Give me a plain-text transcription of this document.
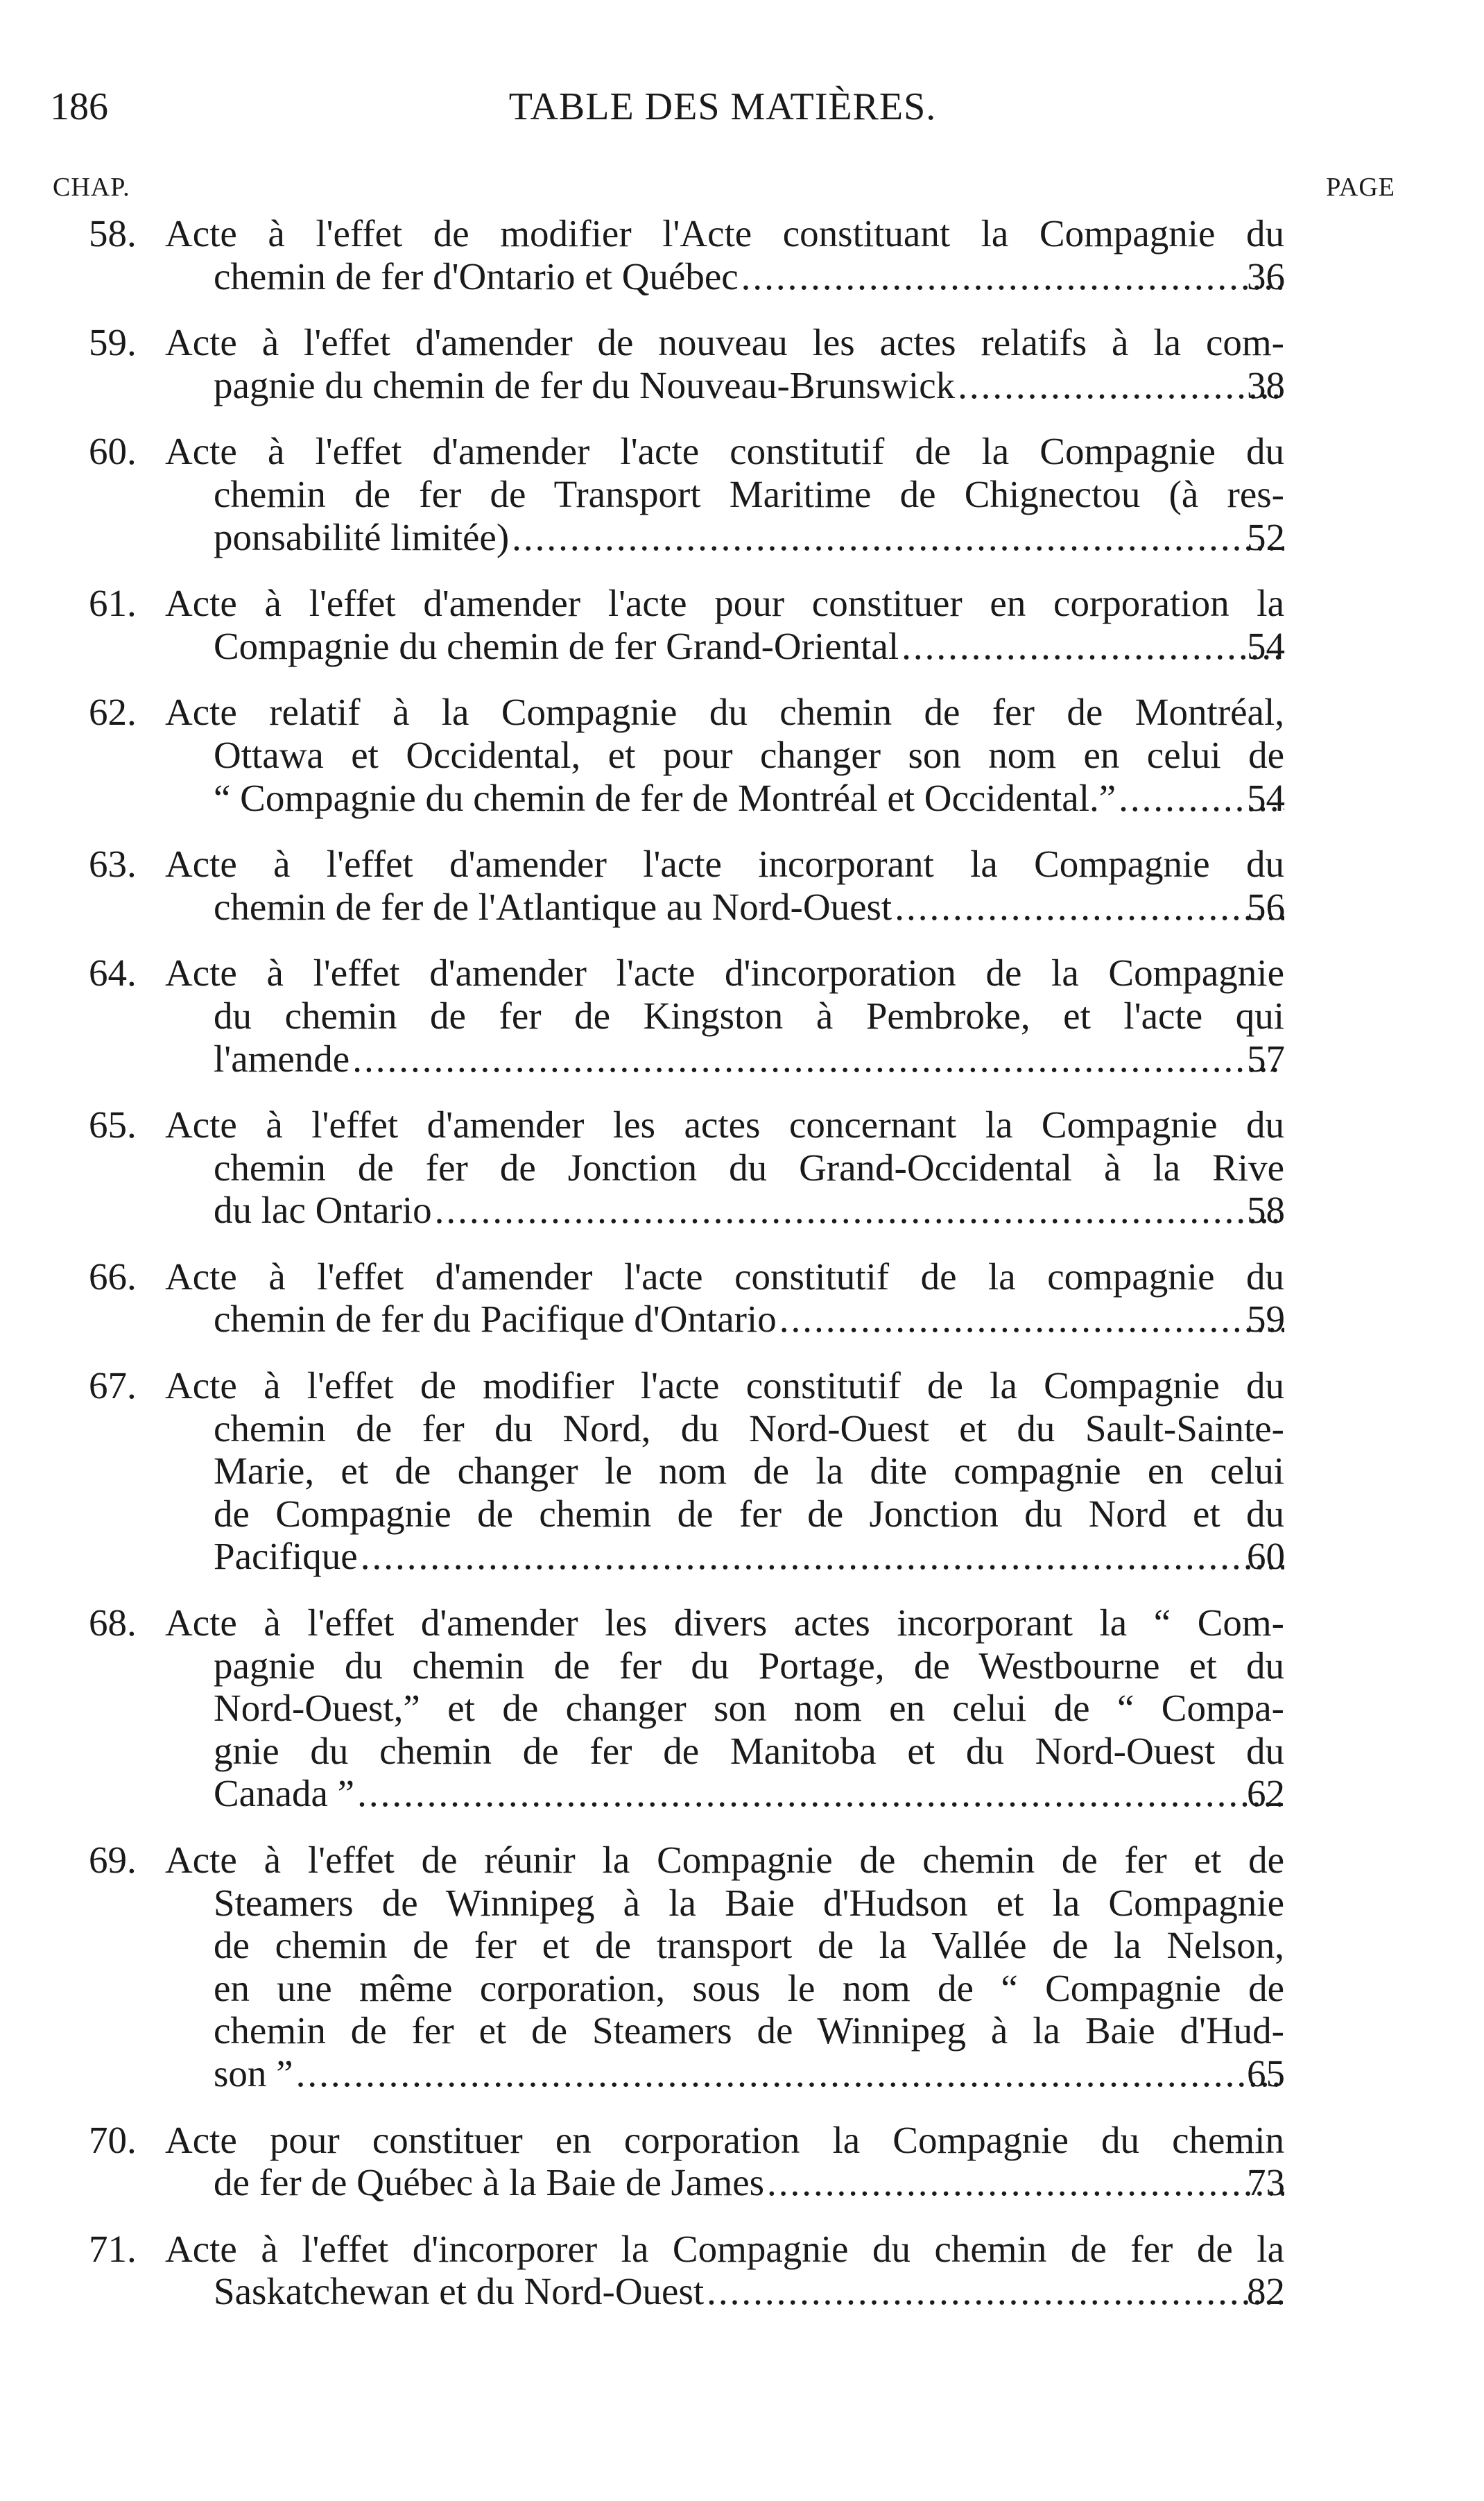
186	TABLE DES MATIÈRES.
CHAP.	PAGE
58. Acte à l'effet de modifier l'Acte constituant la Compagnie du
chemin de fer d'Ontario et Québec .....	36
59. Acte à l'effet d'amender de nouveau les actes relatifs à la com-
pagnie du chemin de fer du Nouveau-Brunswick .....	38
60. Acte à l'effet d'amender l'acte constitutif de la Compagnie du
chemin de fer de Transport Maritime de Chignectou (à res-
ponsabilité limitée) .....	52
61. Acte à l'effet d'amender l'acte pour constituer en corporation la
Compagnie du chemin de fer Grand-Oriental .....	54
62. Acte relatif à la Compagnie du chemin de fer de Montréal,
Ottawa et Occidental, et pour changer son nom en celui de
“ Compagnie du chemin de fer de Montréal et Occidental.” .....	54
63. Acte à l'effet d'amender l'acte incorporant la Compagnie du
chemin de fer de l'Atlantique au Nord-Ouest .....	56
64. Acte à l'effet d'amender l'acte d'incorporation de la Compagnie
du chemin de fer de Kingston à Pembroke, et l'acte qui
l'amende .....	57
65. Acte à l'effet d'amender les actes concernant la Compagnie du
chemin de fer de Jonction du Grand-Occidental à la Rive
du lac Ontario .....	58
66. Acte à l'effet d'amender l'acte constitutif de la compagnie du
chemin de fer du Pacifique d'Ontario .....	59
67. Acte à l'effet de modifier l'acte constitutif de la Compagnie du
chemin de fer du Nord, du Nord-Ouest et du Sault-Sainte-
Marie, et de changer le nom de la dite compagnie en celui
de Compagnie de chemin de fer de Jonction du Nord et du
Pacifique .....	60
68. Acte à l'effet d'amender les divers actes incorporant la “ Com-
pagnie du chemin de fer du Portage, de Westbourne et du
Nord-Ouest,” et de changer son nom en celui de “ Compa-
gnie du chemin de fer de Manitoba et du Nord-Ouest du
Canada ” .....	62
69. Acte à l'effet de réunir la Compagnie de chemin de fer et de
Steamers de Winnipeg à la Baie d'Hudson et la Compagnie
de chemin de fer et de transport de la Vallée de la Nelson,
en une même corporation, sous le nom de “ Compagnie de
chemin de fer et de Steamers de Winnipeg à la Baie d'Hud-
son ” .....	65
70. Acte pour constituer en corporation la Compagnie du chemin
de fer de Québec à la Baie de James .....	73
71. Acte à l'effet d'incorporer la Compagnie du chemin de fer de la
Saskatchewan et du Nord-Ouest .....	82
